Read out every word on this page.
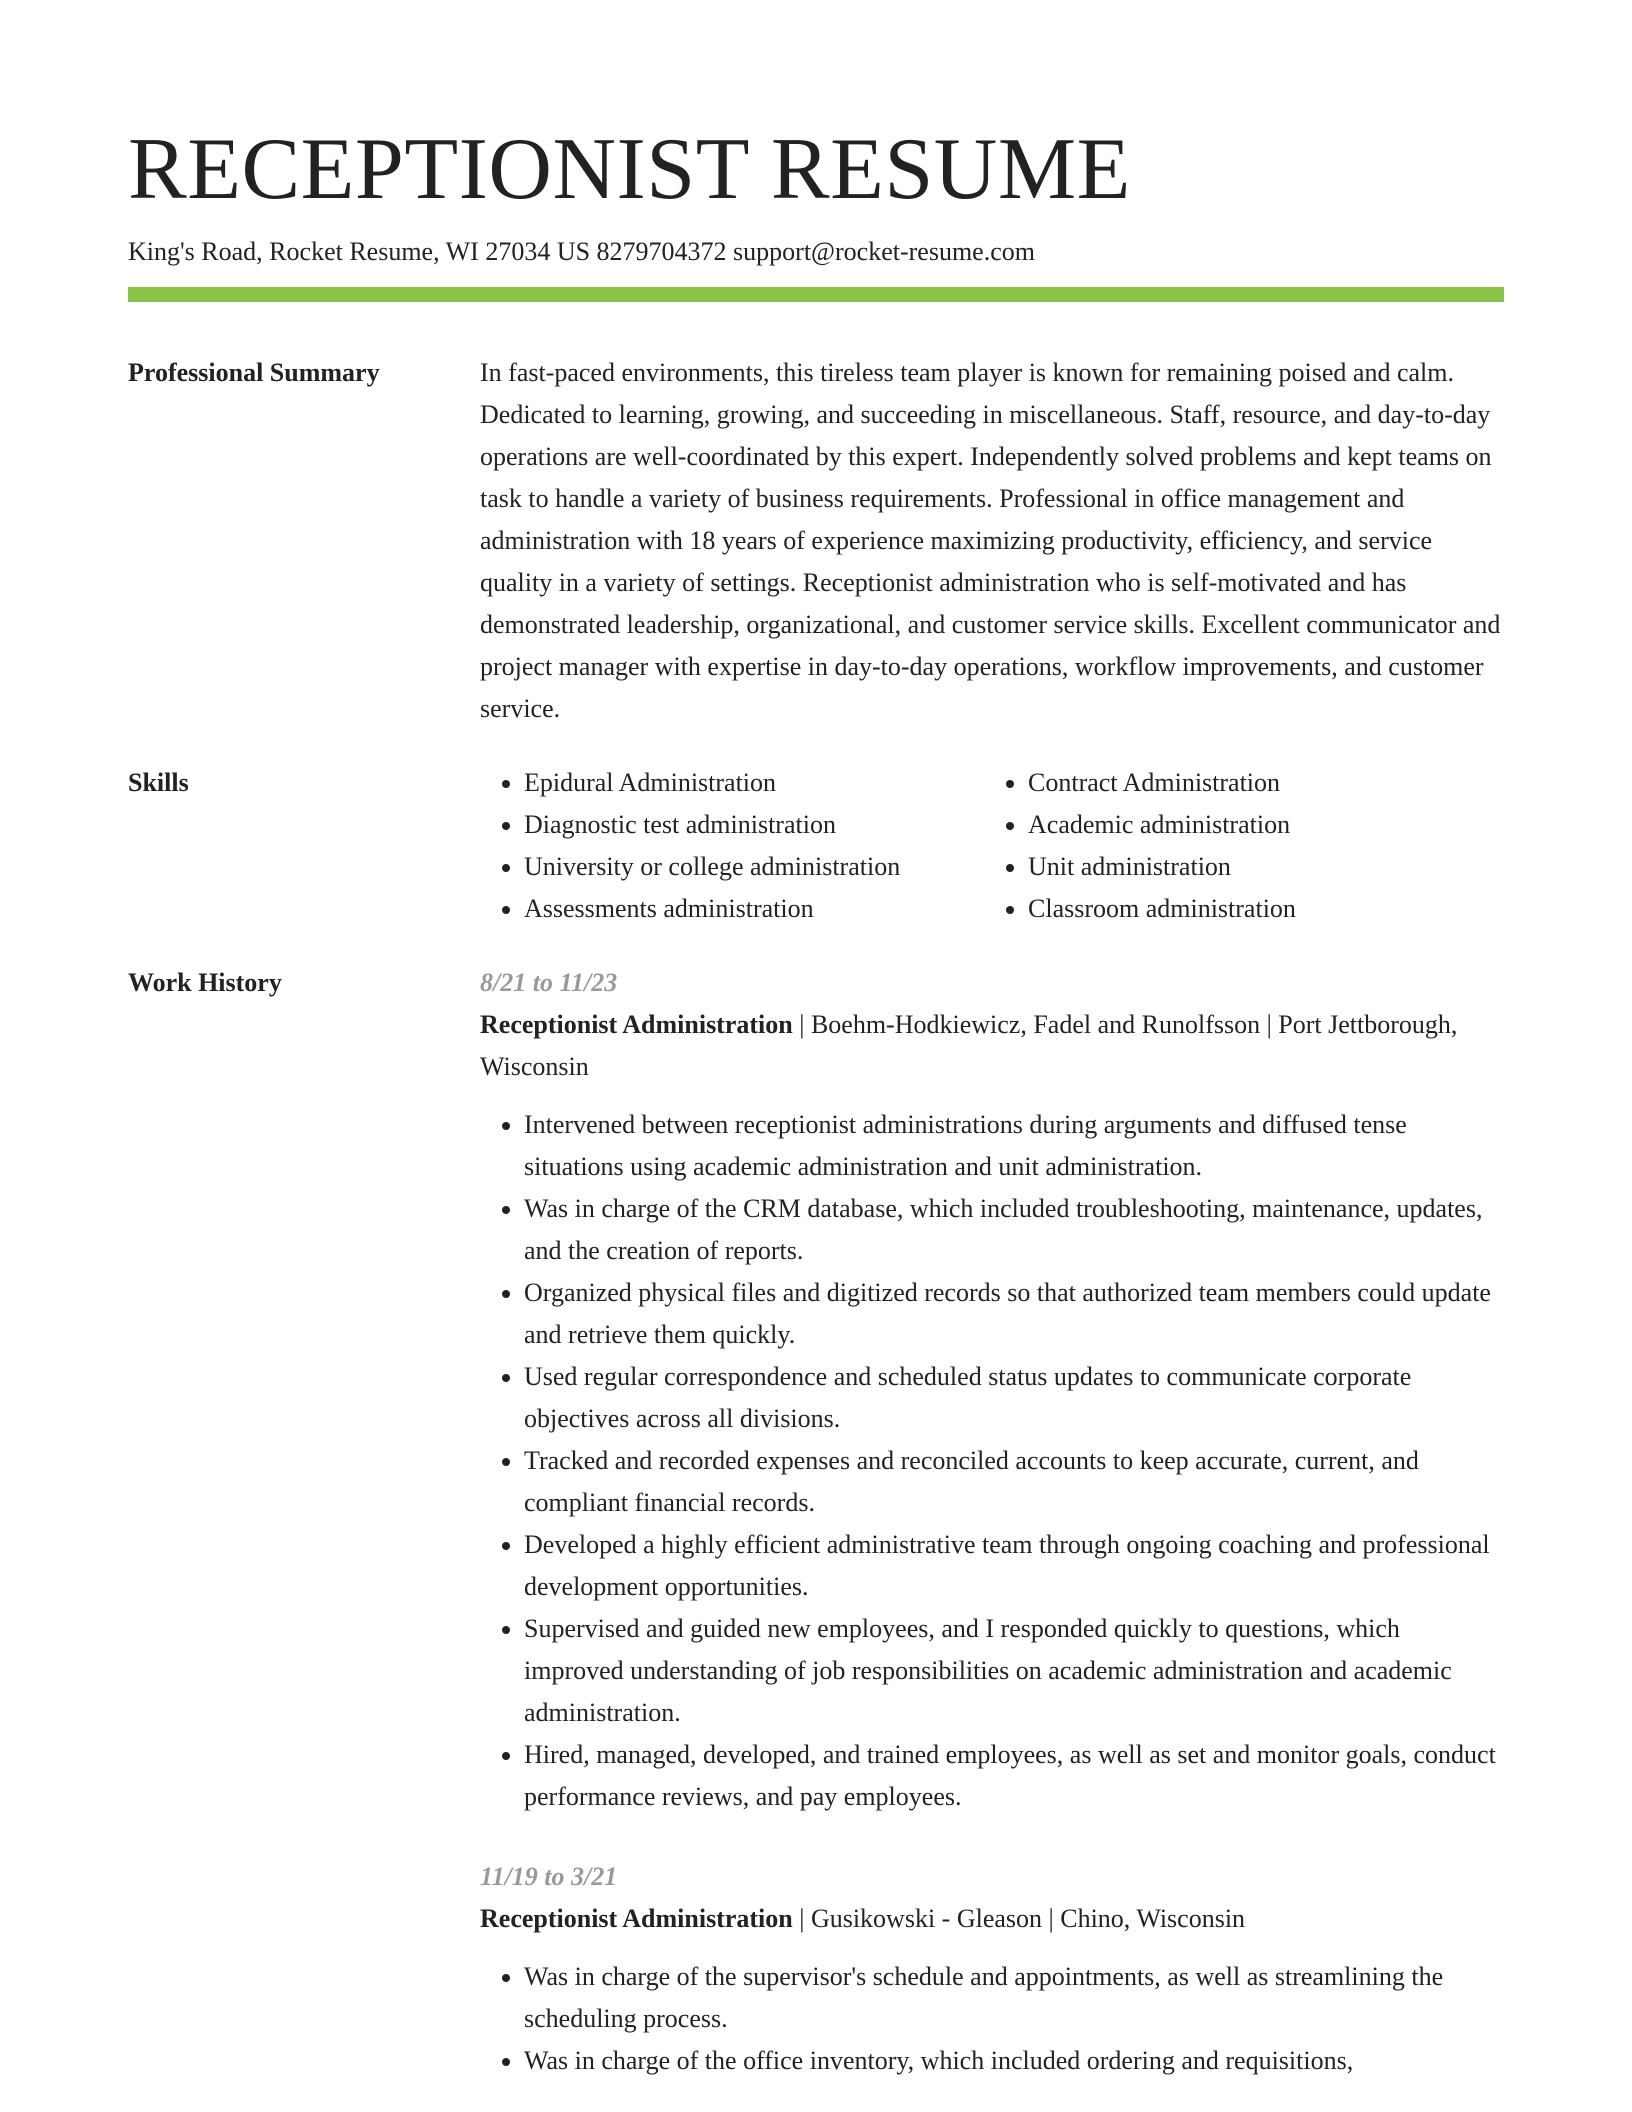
RECEPTIONIST RESUME
King's Road, Rocket Resume, WI 27034 US 8279704372 support@rocket-resume.com
Professional Summary	In fast-paced environments, this tireless team player is known for remaining poised and calm. Dedicated to learning, growing, and succeeding in miscellaneous. Staff, resource, and day-to-day operations are well-coordinated by this expert. Independently solved problems and kept teams on task to handle a variety of business requirements. Professional in office management and administration with 18 years of experience maximizing productivity, efficiency, and service quality in a variety of settings. Receptionist administration who is self-motivated and has demonstrated leadership, organizational, and customer service skills. Excellent communicator and project manager with expertise in day-to-day operations, workflow improvements, and customer service.
Skills
•	Epidural Administration
• Diagnostic test administration
• University or college administration
• Assessments administration
• Contract Administration
• Academic administration
• Unit administration
• Classroom administration
Work History	8/21 to 11/23
Receptionist Administration | Boehm-Hodkiewicz, Fadel and Runolfsson | Port Jettborough, Wisconsin
• Intervened between receptionist administrations during arguments and diffused tense situations using academic administration and unit administration.
• Was in charge of the CRM database, which included troubleshooting, maintenance, updates, and the creation of reports.
• Organized physical files and digitized records so that authorized team members could update and retrieve them quickly.
• Used regular correspondence and scheduled status updates to communicate corporate objectives across all divisions.
• Tracked and recorded expenses and reconciled accounts to keep accurate, current, and compliant financial records.
• Developed a highly efficient administrative team through ongoing coaching and professional development opportunities.
• Supervised and guided new employees, and I responded quickly to questions, which improved understanding of job responsibilities on academic administration and academic administration.
• Hired, managed, developed, and trained employees, as well as set and monitor goals, conduct performance reviews, and pay employees.
11/19 to 3/21
Receptionist Administration | Gusikowski - Gleason | Chino, Wisconsin
• Was in charge of the supervisor's schedule and appointments, as well as streamlining the scheduling process.
• Was in charge of the office inventory, which included ordering and requisitions,
